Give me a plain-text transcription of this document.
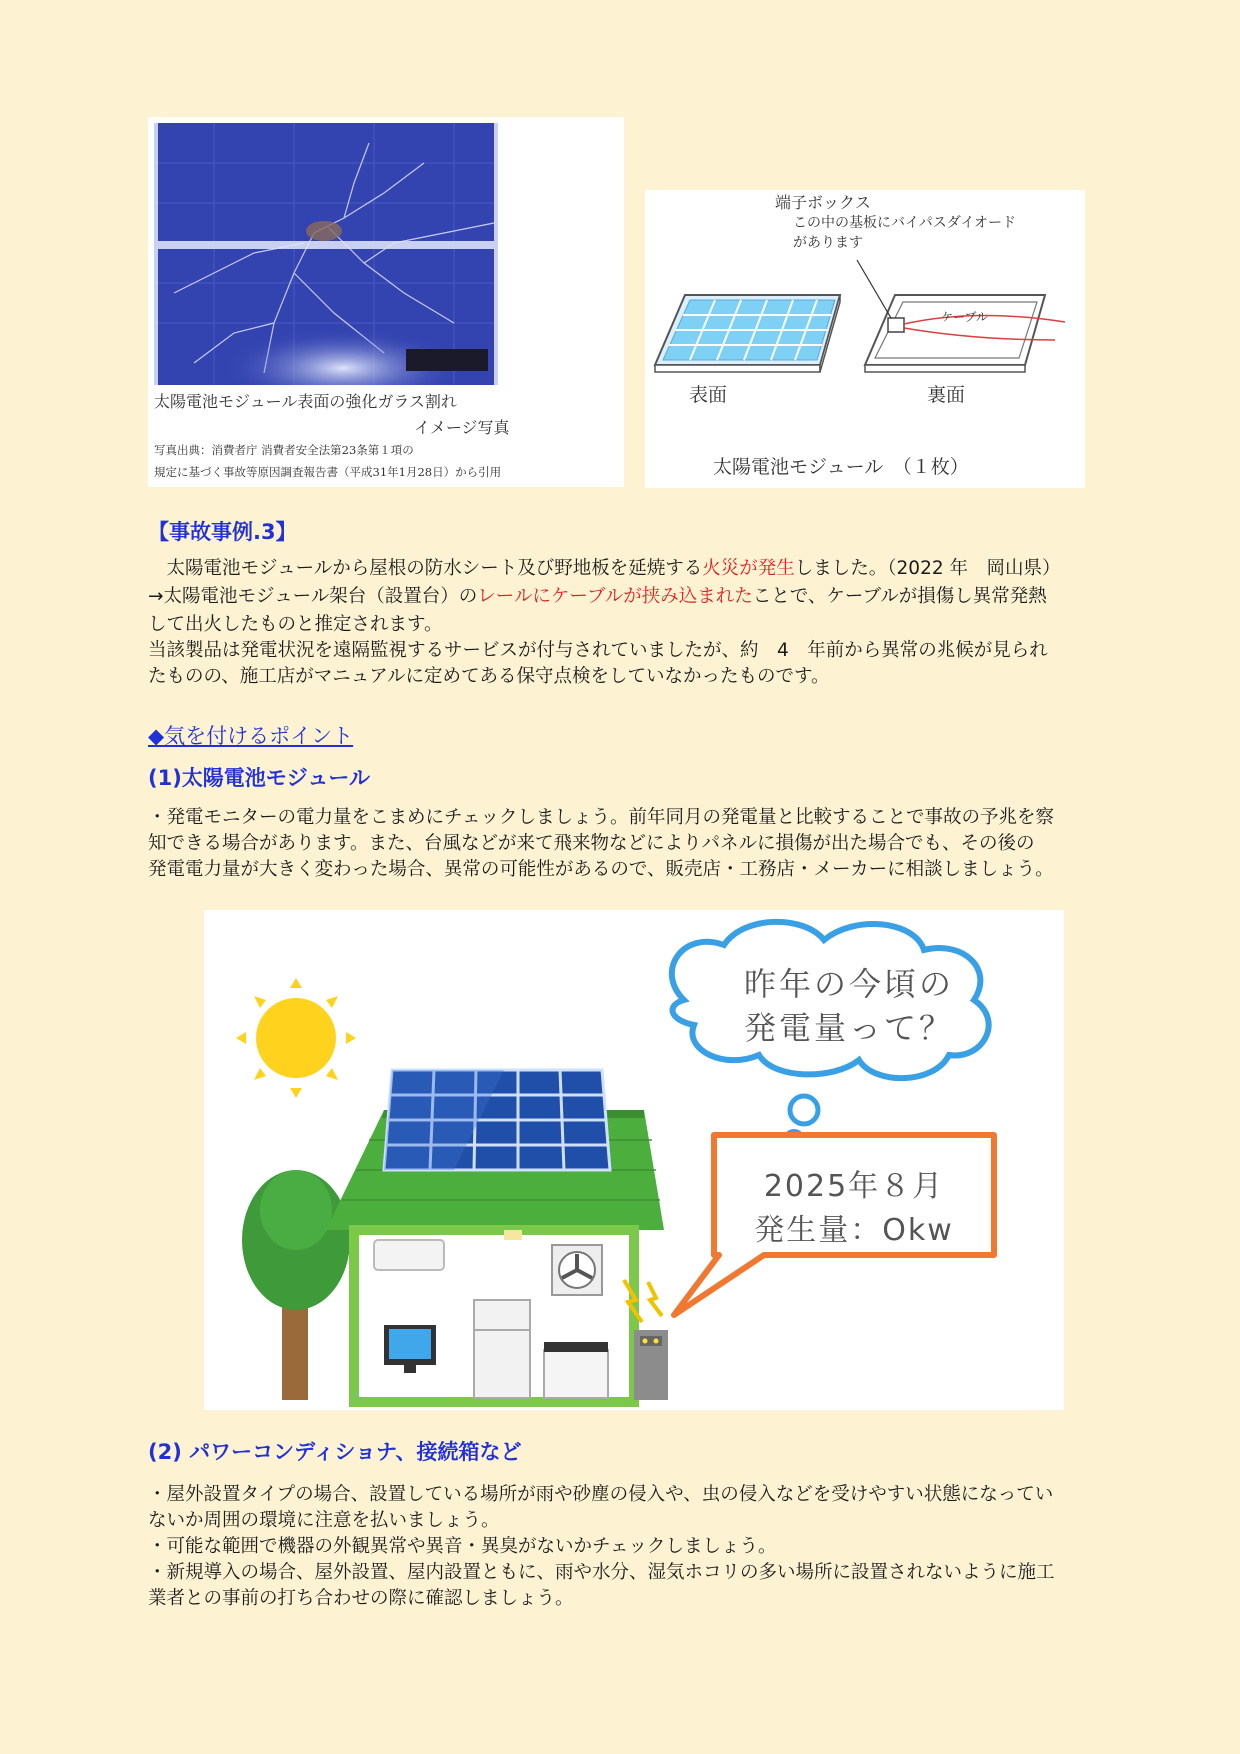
太陽電池モジュール表面の強化ガラス割れ
イメージ写真
写真出典：消費者庁 消費者安全法第23条第１項の
規定に基づく事故等原因調査報告書（平成31年1月28日）から引用
端子ボックス
この中の基板にバイパスダイオード
があります
ケーブル
表面	裏面
太陽電池モジュール　（１枚）
【事故事例.3】
　太陽電池モジュールから屋根の防水シート及び野地板を延焼する火災が発生しました。（2022 年　岡山県）
→太陽電池モジュール架台（設置台）のレールにケーブルが挟み込まれたことで、ケーブルが損傷し異常発熱
して出火したものと推定されます。
当該製品は発電状況を遠隔監視するサービスが付与されていましたが、約　4　年前から異常の兆候が見られ
たものの、施工店がマニュアルに定めてある保守点検をしていなかったものです。
◆気を付けるポイント
(1)太陽電池モジュール
・発電モニターの電力量をこまめにチェックしましょう。前年同月の発電量と比較することで事故の予兆を察
知できる場合があります。また、台風などが来て飛来物などによりパネルに損傷が出た場合でも、その後の
発電電力量が大きく変わった場合、異常の可能性があるので、販売店・工務店・メーカーに相談しましょう。
昨年の今頃の
発電量って？
2025年８月
発生量：Okw
(2) パワーコンディショナ、接続箱など
・屋外設置タイプの場合、設置している場所が雨や砂塵の侵入や、虫の侵入などを受けやすい状態になってい
ないか周囲の環境に注意を払いましょう。
・可能な範囲で機器の外観異常や異音・異臭がないかチェックしましょう。
・新規導入の場合、屋外設置、屋内設置ともに、雨や水分、湿気ホコリの多い場所に設置されないように施工
業者との事前の打ち合わせの際に確認しましょう。
